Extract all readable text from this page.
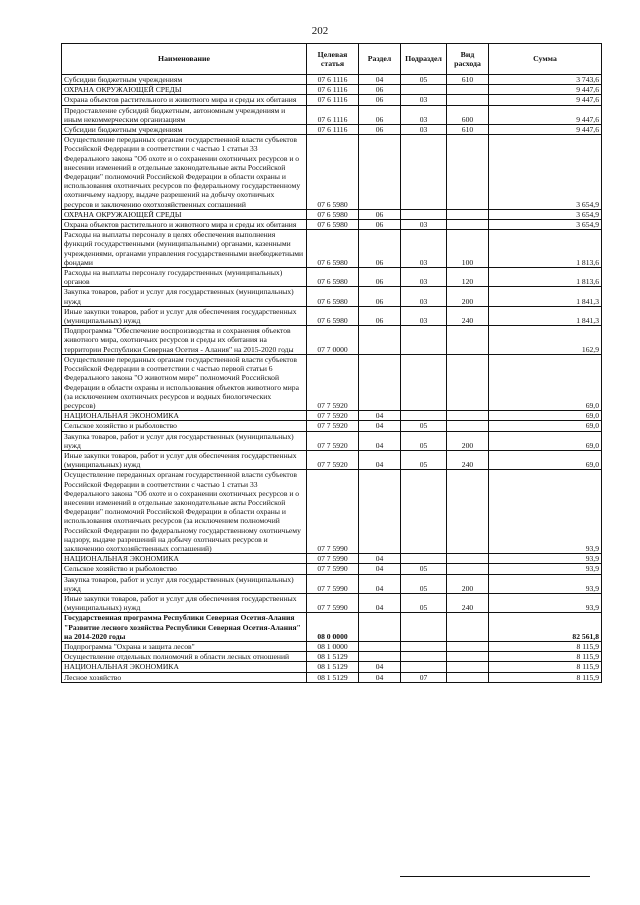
202
Наименование	Целевая статья	Раздел	Подраздел	Вид расхода	Сумма
Субсидии бюджетным учреждениям	07 6 1116	04	05	610	3 743,6
ОХРАНА ОКРУЖАЮЩЕЙ СРЕДЫ	07 6 1116	06			9 447,6
Охрана объектов растительного и животного мира и среды их обитания	07 6 1116	06	03		9 447,6
Предоставление субсидий бюджетным, автономным учреждениям и иным некоммерческим организациям	07 6 1116	06	03	600	9 447,6
Субсидии бюджетным учреждениям	07 6 1116	06	03	610	9 447,6
Осуществление переданных органам государственной власти субъектов Российской Федерации в соответствии с частью 1 статьи 33 Федерального закона "Об охоте и о сохранении охотничьих ресурсов и о внесении изменений в отдельные законодательные акты Российской Федерации" полномочий Российской Федерации в области охраны и использования охотничьих ресурсов по федеральному государственному охотничьему надзору, выдаче разрешений на добычу охотничьих ресурсов и заключению охотхозяйственных соглашений	07 6 5980				3 654,9
ОХРАНА ОКРУЖАЮЩЕЙ СРЕДЫ	07 6 5980	06			3 654,9
Охрана объектов растительного и животного мира и среды их обитания	07 6 5980	06	03		3 654,9
Расходы на выплаты персоналу в целях обеспечения выполнения функций государственными (муниципальными) органами, казенными учреждениями, органами управления государственными внебюджетными фондами	07 6 5980	06	03	100	1 813,6
Расходы на выплаты персоналу государственных (муниципальных) органов	07 6 5980	06	03	120	1 813,6
Закупка товаров, работ и услуг для государственных (муниципальных) нужд	07 6 5980	06	03	200	1 841,3
Иные закупки товаров, работ и услуг для обеспечения государственных (муниципальных) нужд	07 6 5980	06	03	240	1 841,3
Подпрограмма "Обеспечение воспроизводства и сохранения объектов животного мира, охотничьих ресурсов и среды их обитания на территории Республики Северная Осетия - Алания" на 2015-2020 годы	07 7 0000				162,9
Осуществление переданных органам государственной власти субъектов Российской Федерации в соответствии с частью первой статьи 6 Федерального закона "О животном мире" полномочий Российской Федерации в области охраны и использования объектов животного мира (за исключением охотничьих ресурсов и водных биологических ресурсов)	07 7 5920				69,0
НАЦИОНАЛЬНАЯ ЭКОНОМИКА	07 7 5920	04			69,0
Сельское хозяйство и рыболовство	07 7 5920	04	05		69,0
Закупка товаров, работ и услуг для государственных (муниципальных) нужд	07 7 5920	04	05	200	69,0
Иные закупки товаров, работ и услуг для обеспечения государственных (муниципальных) нужд	07 7 5920	04	05	240	69,0
Осуществление переданных органам государственной власти субъектов Российской Федерации в соответствии с частью 1 статьи 33 Федерального закона "Об охоте и о сохранении охотничьих ресурсов и о внесении изменений в отдельные законодательные акты Российской Федерации" полномочий Российской Федерации в области охраны и использования охотничьих ресурсов (за исключением полномочий Российской Федерации по федеральному государственному охотничьему надзору, выдаче разрешений на добычу охотничьих ресурсов и заключению охотхозяйственных соглашений)	07 7 5990				93,9
НАЦИОНАЛЬНАЯ ЭКОНОМИКА	07 7 5990	04			93,9
Сельское хозяйство и рыболовство	07 7 5990	04	05		93,9
Закупка товаров, работ и услуг для государственных (муниципальных) нужд	07 7 5990	04	05	200	93,9
Иные закупки товаров, работ и услуг для обеспечения государственных (муниципальных) нужд	07 7 5990	04	05	240	93,9
Государственная программа Республики Северная Осетия-Алания "Развитие лесного хозяйства Республики Северная Осетия-Алания" на 2014-2020 годы	08 0 0000				82 561,8
Подпрограмма "Охрана и защита лесов"	08 1 0000				8 115,9
Осуществление отдельных полномочий в области лесных отношений	08 1 5129				8 115,9
НАЦИОНАЛЬНАЯ ЭКОНОМИКА	08 1 5129	04			8 115,9
Лесное хозяйство	08 1 5129	04	07		8 115,9
